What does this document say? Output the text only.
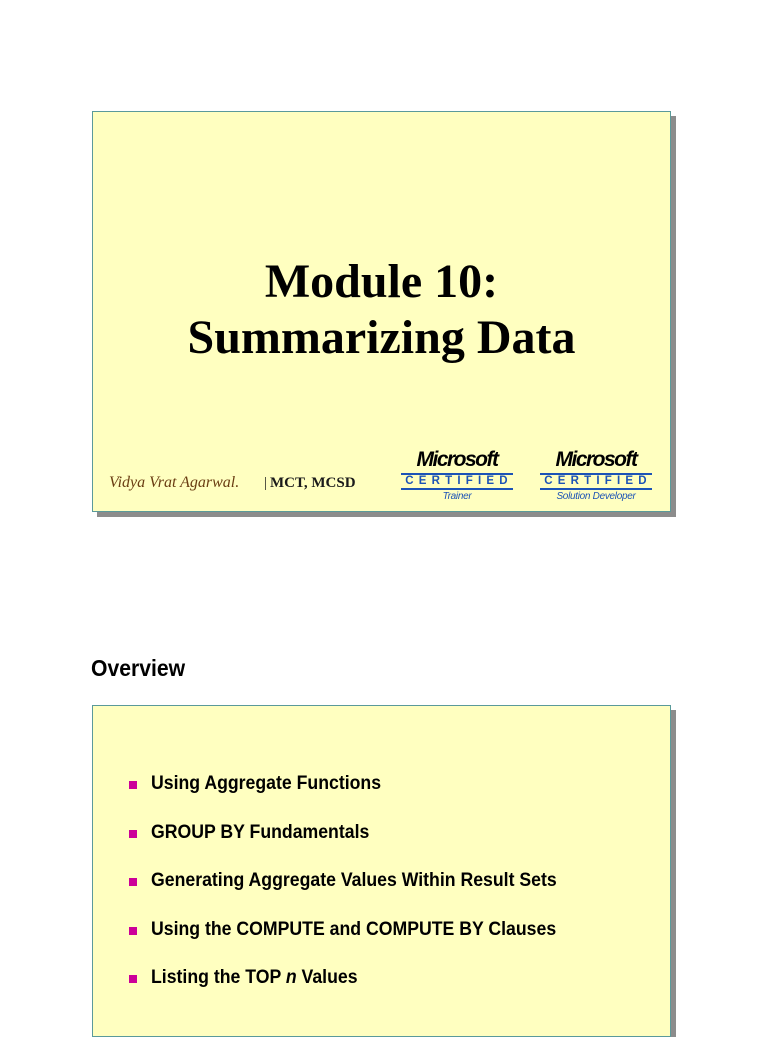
Module 10:
Summarizing Data
Vidya Vrat Agarwal. | MCT, MCSD
Microsoft
CERTIFIED
Trainer
Microsoft
CERTIFIED
Solution Developer
Overview
Using Aggregate Functions
GROUP BY Fundamentals
Generating Aggregate Values Within Result Sets
Using the COMPUTE and COMPUTE BY Clauses
Listing the TOP n Values
